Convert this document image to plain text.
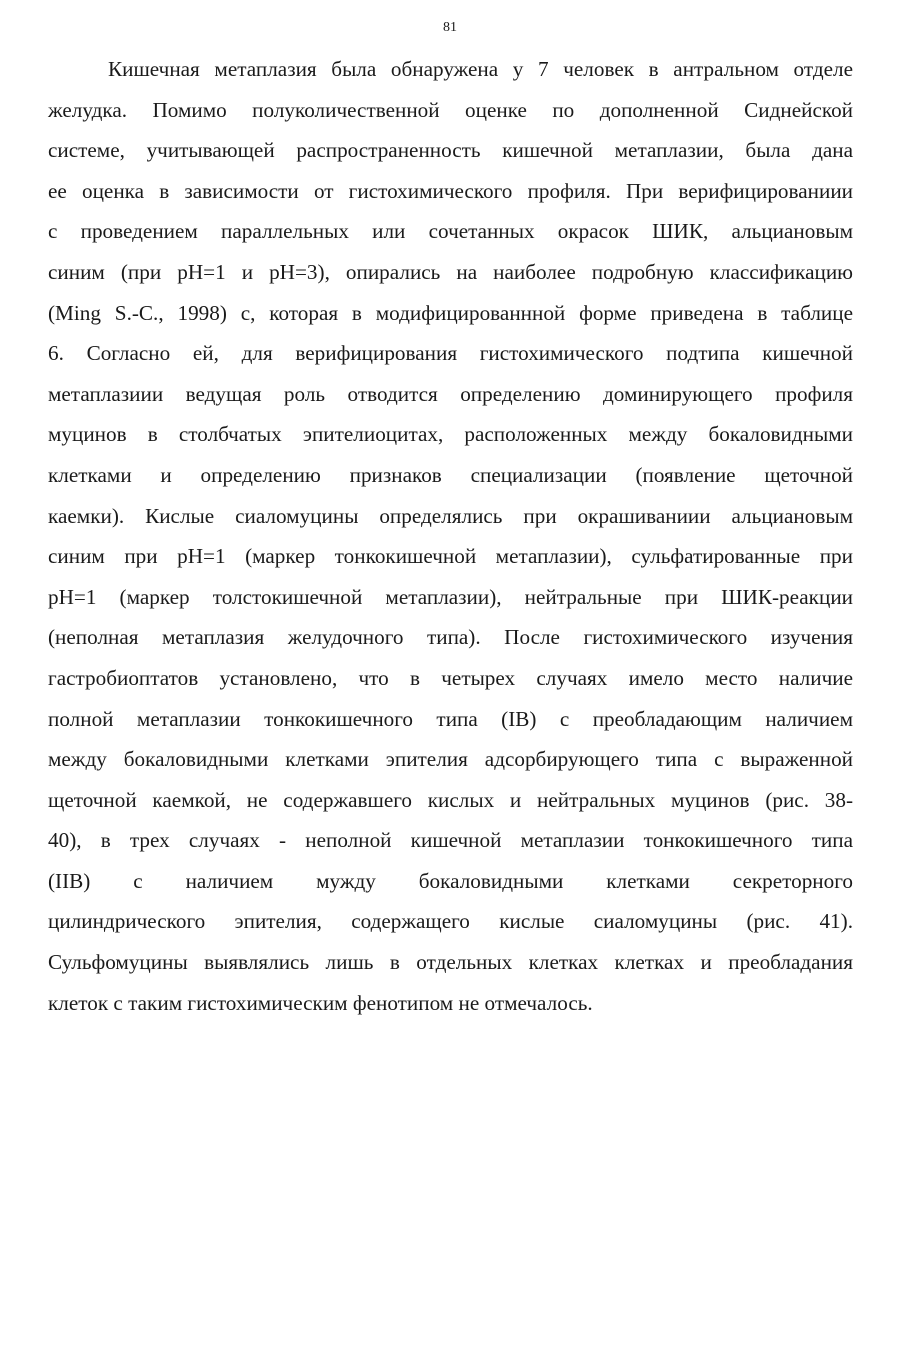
81
Кишечная метаплазия была обнаружена у 7 человек в антральном отделе
желудка. Помимо полуколичественной оценке по дополненной Сиднейской
системе, учитывающей распространенность кишечной метаплазии, была дана
ее оценка в зависимости от гистохимического профиля. При верифицированиии
с проведением параллельных или сочетанных окрасок ШИК, альциановым
синим (при pH=1 и pH=3), опирались на наиболее подробную классификацию
(Ming S.-C., 1998) с, которая в модифицированнной форме приведена в таблице
6. Согласно ей, для верифицирования гистохимического подтипа кишечной
метаплазиии ведущая роль отводится определению доминирующего профиля
муцинов в столбчатых эпителиоцитах, расположенных между бокаловидными
клетками и определению признаков специализации (появление щеточной
каемки). Кислые сиаломуцины определялись при окрашиваниии альциановым
синим при pH=1 (маркер тонкокишечной метаплазии), сульфатированные при
pH=1 (маркер толстокишечной метаплазии), нейтральные при ШИК-реакции
(неполная метаплазия желудочного типа). После гистохимического изучения
гастробиоптатов установлено, что в четырех случаях имело место наличие
полной метаплазии тонкокишечного типа (IB) с преобладающим наличием
между бокаловидными клетками эпителия адсорбирующего типа с выраженной
щеточной каемкой, не содержавшего кислых и нейтральных муцинов (рис. 38-
40), в трех случаях - неполной кишечной метаплазии тонкокишечного типа
(IIB) с наличием мужду бокаловидными клетками секреторного
цилиндрического эпителия, содержащего кислые сиаломуцины (рис. 41).
Сульфомуцины выявлялись лишь в отдельных клетках клетках и преобладания
клеток с таким гистохимическим фенотипом не отмечалось.
